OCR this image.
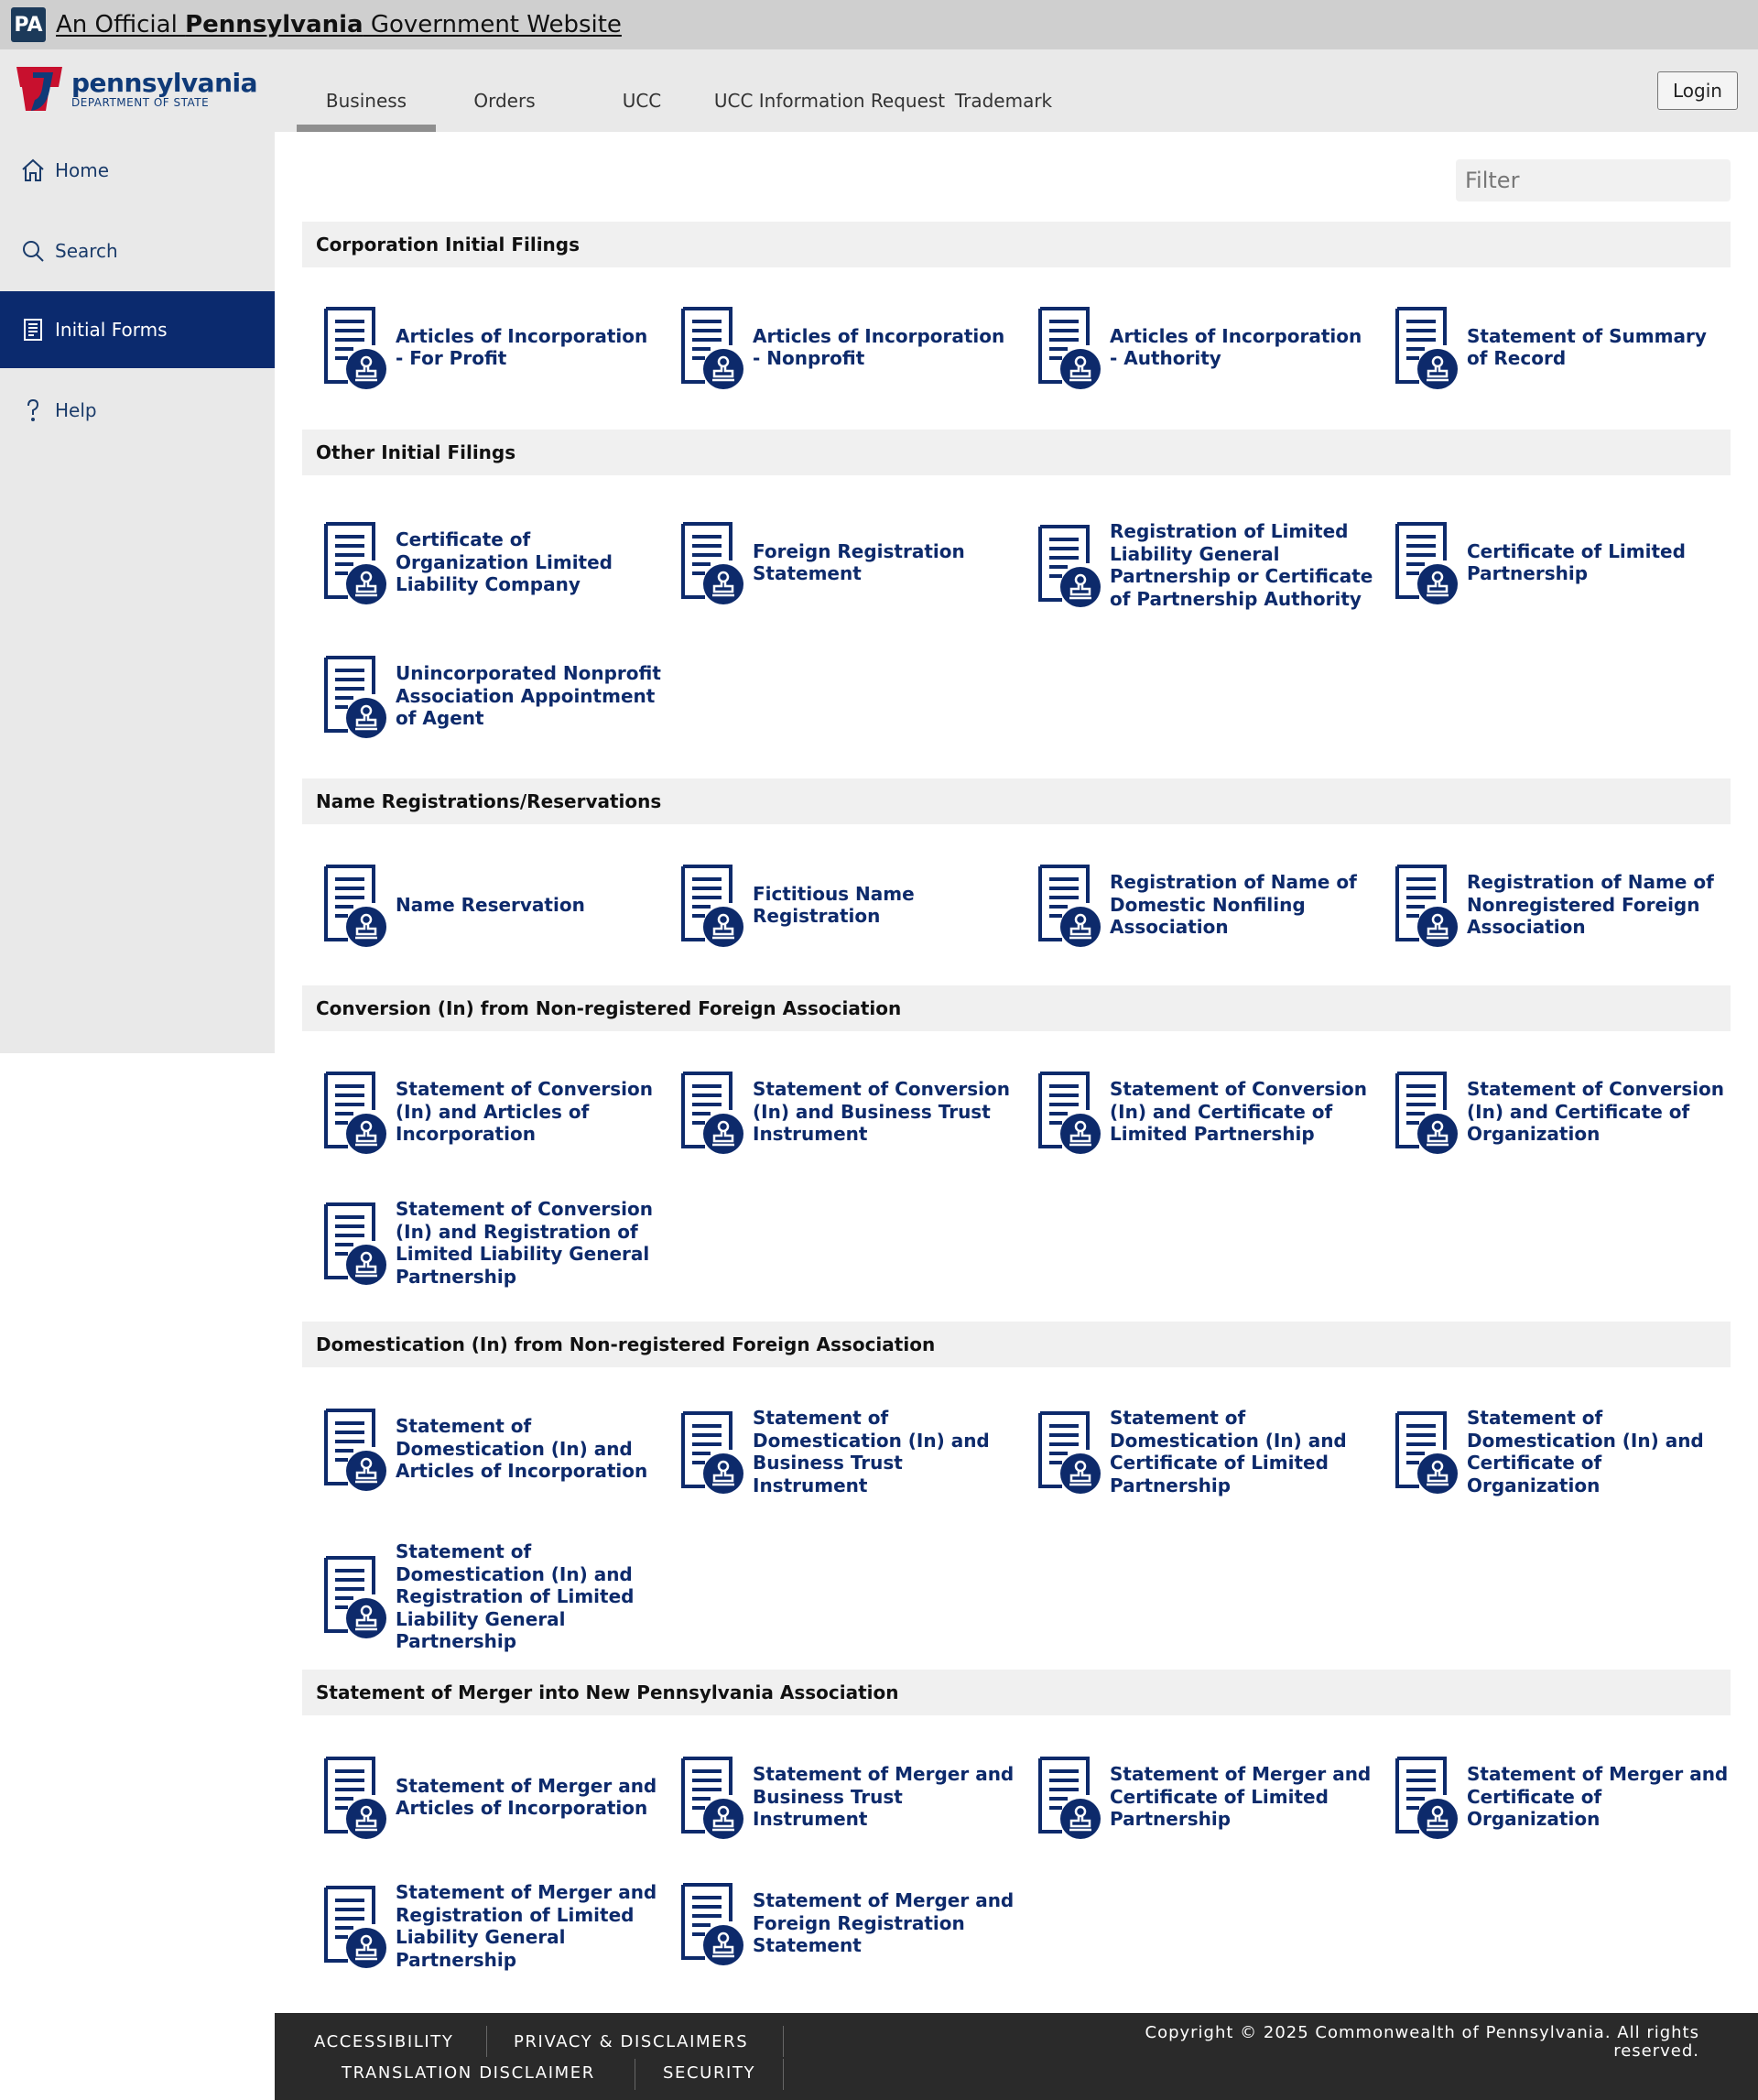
PA An Official Pennsylvania Government Website
pennsylvania
DEPARTMENT OF STATE	Business	Orders	UCC	UCC Information Request Trademark	Login
Home
Search
Initial Forms
Help
Filter
Corporation Initial Filings
Articles of Incorporation - For Profit
Articles of Incorporation - Nonprofit
Articles of Incorporation - Authority
Statement of Summary of Record
Other Initial Filings
Certificate of Organization Limited Liability Company
Foreign Registration Statement
Registration of Limited Liability General Partnership or Certificate of Partnership Authority
Certificate of Limited Partnership
Unincorporated Nonprofit Association Appointment of Agent
Name Registrations/Reservations
Name Reservation
Fictitious Name Registration
Registration of Name of Domestic Nonfiling Association
Registration of Name of Nonregistered Foreign Association
Conversion (In) from Non-registered Foreign Association
Statement of Conversion (In) and Articles of Incorporation
Statement of Conversion (In) and Business Trust Instrument
Statement of Conversion (In) and Certificate of Limited Partnership
Statement of Conversion (In) and Certificate of Organization
Statement of Conversion (In) and Registration of Limited Liability General Partnership
Domestication (In) from Non-registered Foreign Association
Statement of Domestication (In) and Articles of Incorporation
Statement of Domestication (In) and Business Trust Instrument
Statement of Domestication (In) and Certificate of Limited Partnership
Statement of Domestication (In) and Certificate of Organization
Statement of Domestication (In) and Registration of Limited Liability General Partnership
Statement of Merger into New Pennsylvania Association
Statement of Merger and Articles of Incorporation
Statement of Merger and Business Trust Instrument
Statement of Merger and Certificate of Limited Partnership
Statement of Merger and Certificate of Organization
Statement of Merger and Registration of Limited Liability General Partnership
Statement of Merger and Foreign Registration Statement
ACCESSIBILITY	PRIVACY & DISCLAIMERS
TRANSLATION DISCLAIMER	SECURITY
Copyright © 2025 Commonwealth of Pennsylvania. All rights reserved.
